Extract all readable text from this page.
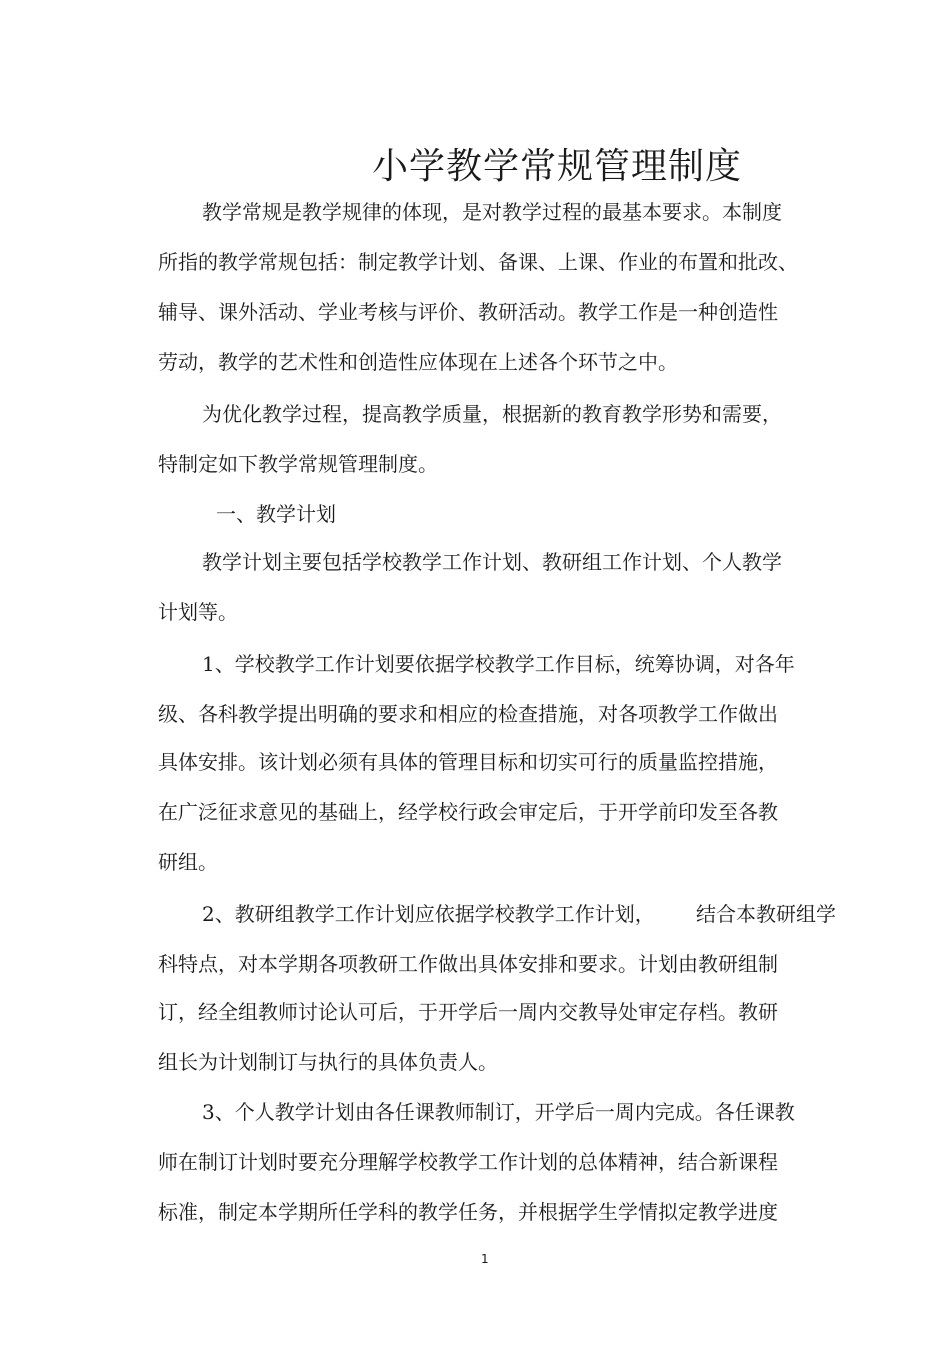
小学教学常规管理制度
教学常规是教学规律的体现，是对教学过程的最基本要求。本制度
所指的教学常规包括：制定教学计划、备课、上课、作业的布置和批改、
辅导、课外活动、学业考核与评价、教研活动。教学工作是一种创造性
劳动，教学的艺术性和创造性应体现在上述各个环节之中。
为优化教学过程，提高教学质量，根据新的教育教学形势和需要，
特制定如下教学常规管理制度。
一、教学计划
教学计划主要包括学校教学工作计划、教研组工作计划、个人教学
计划等。
1、学校教学工作计划要依据学校教学工作目标，统筹协调，对各年
级、各科教学提出明确的要求和相应的检查措施，对各项教学工作做出
具体安排。该计划必须有具体的管理目标和切实可行的质量监控措施，
在广泛征求意见的基础上，经学校行政会审定后，于开学前印发至各教
研组。
2、教研组教学工作计划应依据学校教学工作计划， 结合本教研组学
科特点，对本学期各项教研工作做出具体安排和要求。计划由教研组制
订，经全组教师讨论认可后，于开学后一周内交教导处审定存档。教研
组长为计划制订与执行的具体负责人。
3、个人教学计划由各任课教师制订，开学后一周内完成。各任课教
师在制订计划时要充分理解学校教学工作计划的总体精神，结合新课程
标准，制定本学期所任学科的教学任务，并根据学生学情拟定教学进度
1
